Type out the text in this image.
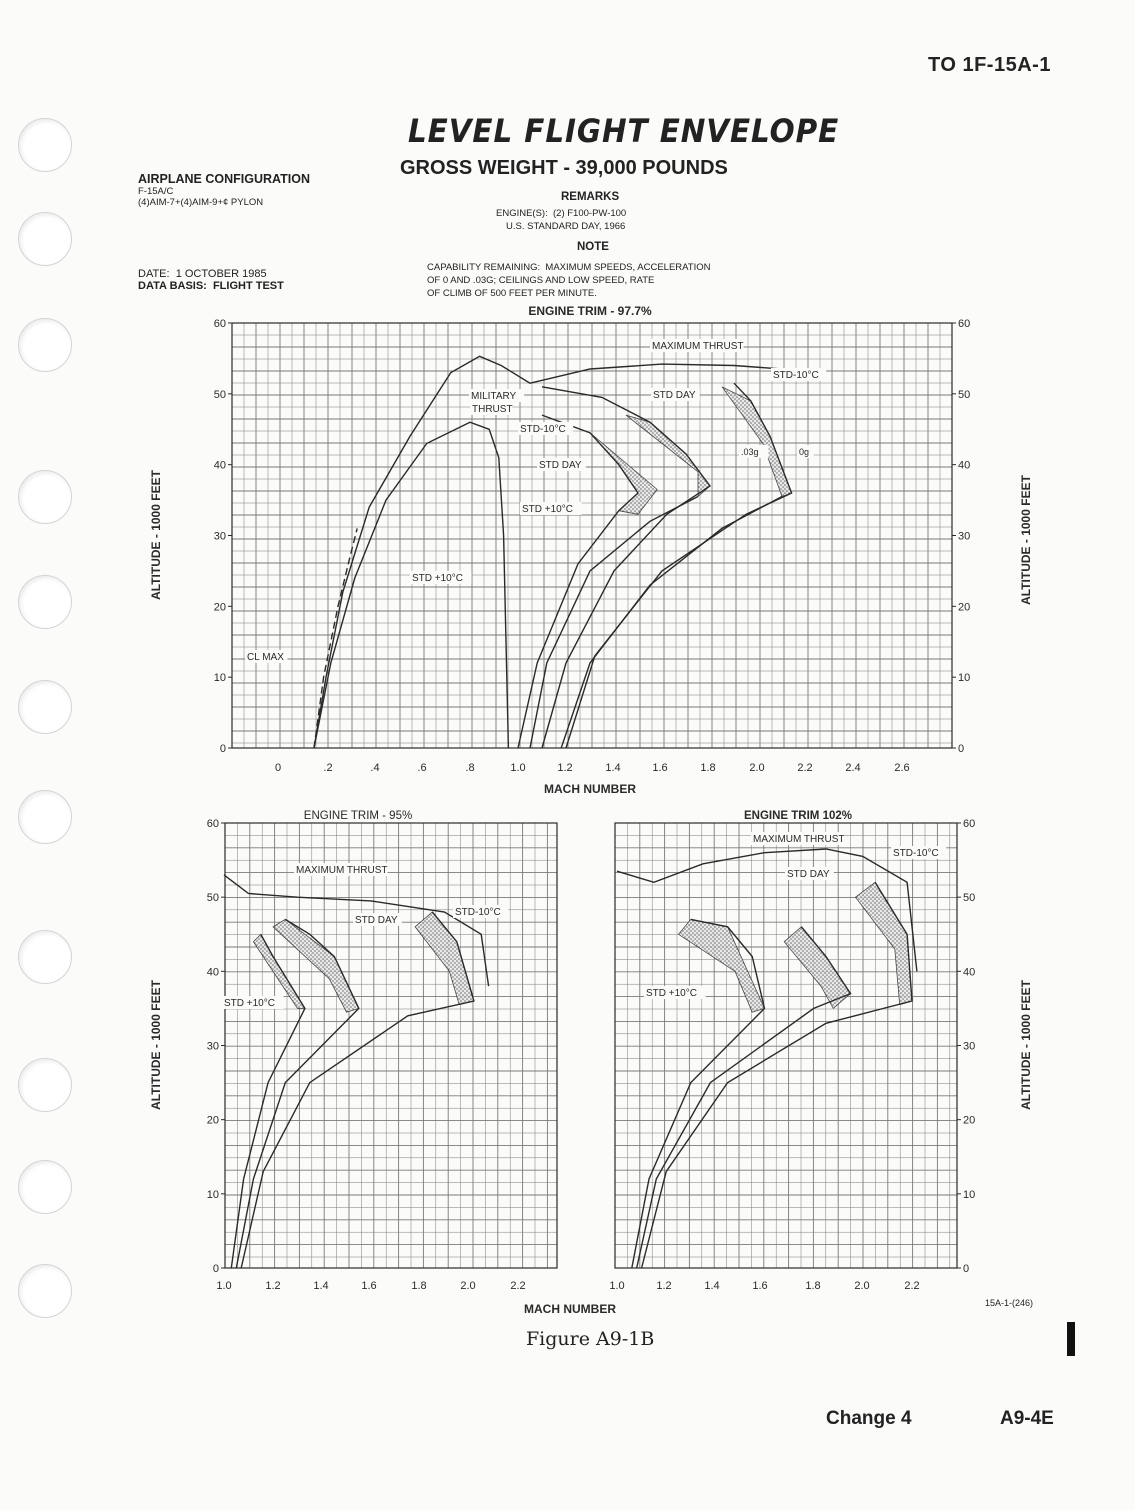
TO 1F-15A-1
LEVEL FLIGHT ENVELOPE
GROSS WEIGHT - 39,000 POUNDS
AIRPLANE CONFIGURATION
F-15A/C
(4)AIM-7+(4)AIM-9+¢ PYLON
DATE:  1 OCTOBER 1985
DATA BASIS:  FLIGHT TEST
REMARKS
ENGINE(S):  (2) F100-PW-100
U.S. STANDARD DAY, 1966
NOTE
CAPABILITY REMAINING:  MAXIMUM SPEEDS, ACCELERATION
OF 0 AND .03G; CEILINGS AND LOW SPEED, RATE
OF CLIMB OF 500 FEET PER MINUTE.
0
10
20
30
40
50
60
0
10
20
30
40
50
60
0	.2	.4	.6	.8	1.0	1.2	1.4	1.6	1.8	2.0	2.2	2.4	2.6
MACH NUMBER
ENGINE TRIM - 97.7%
ALTITUDE - 1000 FEET	ALTITUDE - 1000 FEET
MAXIMUM THRUST
MILITARY
THRUST
STD DAY
STD-10°C
STD-10°C
STD DAY
STD +10°C
STD +10°C
.03g	0g
CL MAX
0
10
20
30
40
50
60
1.0	1.2	1.4	1.6	1.8	2.0	2.2
ENGINE TRIM - 95%
ALTITUDE - 1000 FEET
MAXIMUM THRUST
STD DAY
STD-10°C
STD +10°C
0
10
20
30
40
50
60
1.0	1.2	1.4	1.6	1.8	2.0	2.2
ENGINE TRIM 102%
ALTITUDE - 1000 FEET
MAXIMUM THRUST
STD DAY
STD-10°C
STD +10°C
MACH NUMBER
Figure A9-1B
15A-1-(246)
Change 4	A9-4E
